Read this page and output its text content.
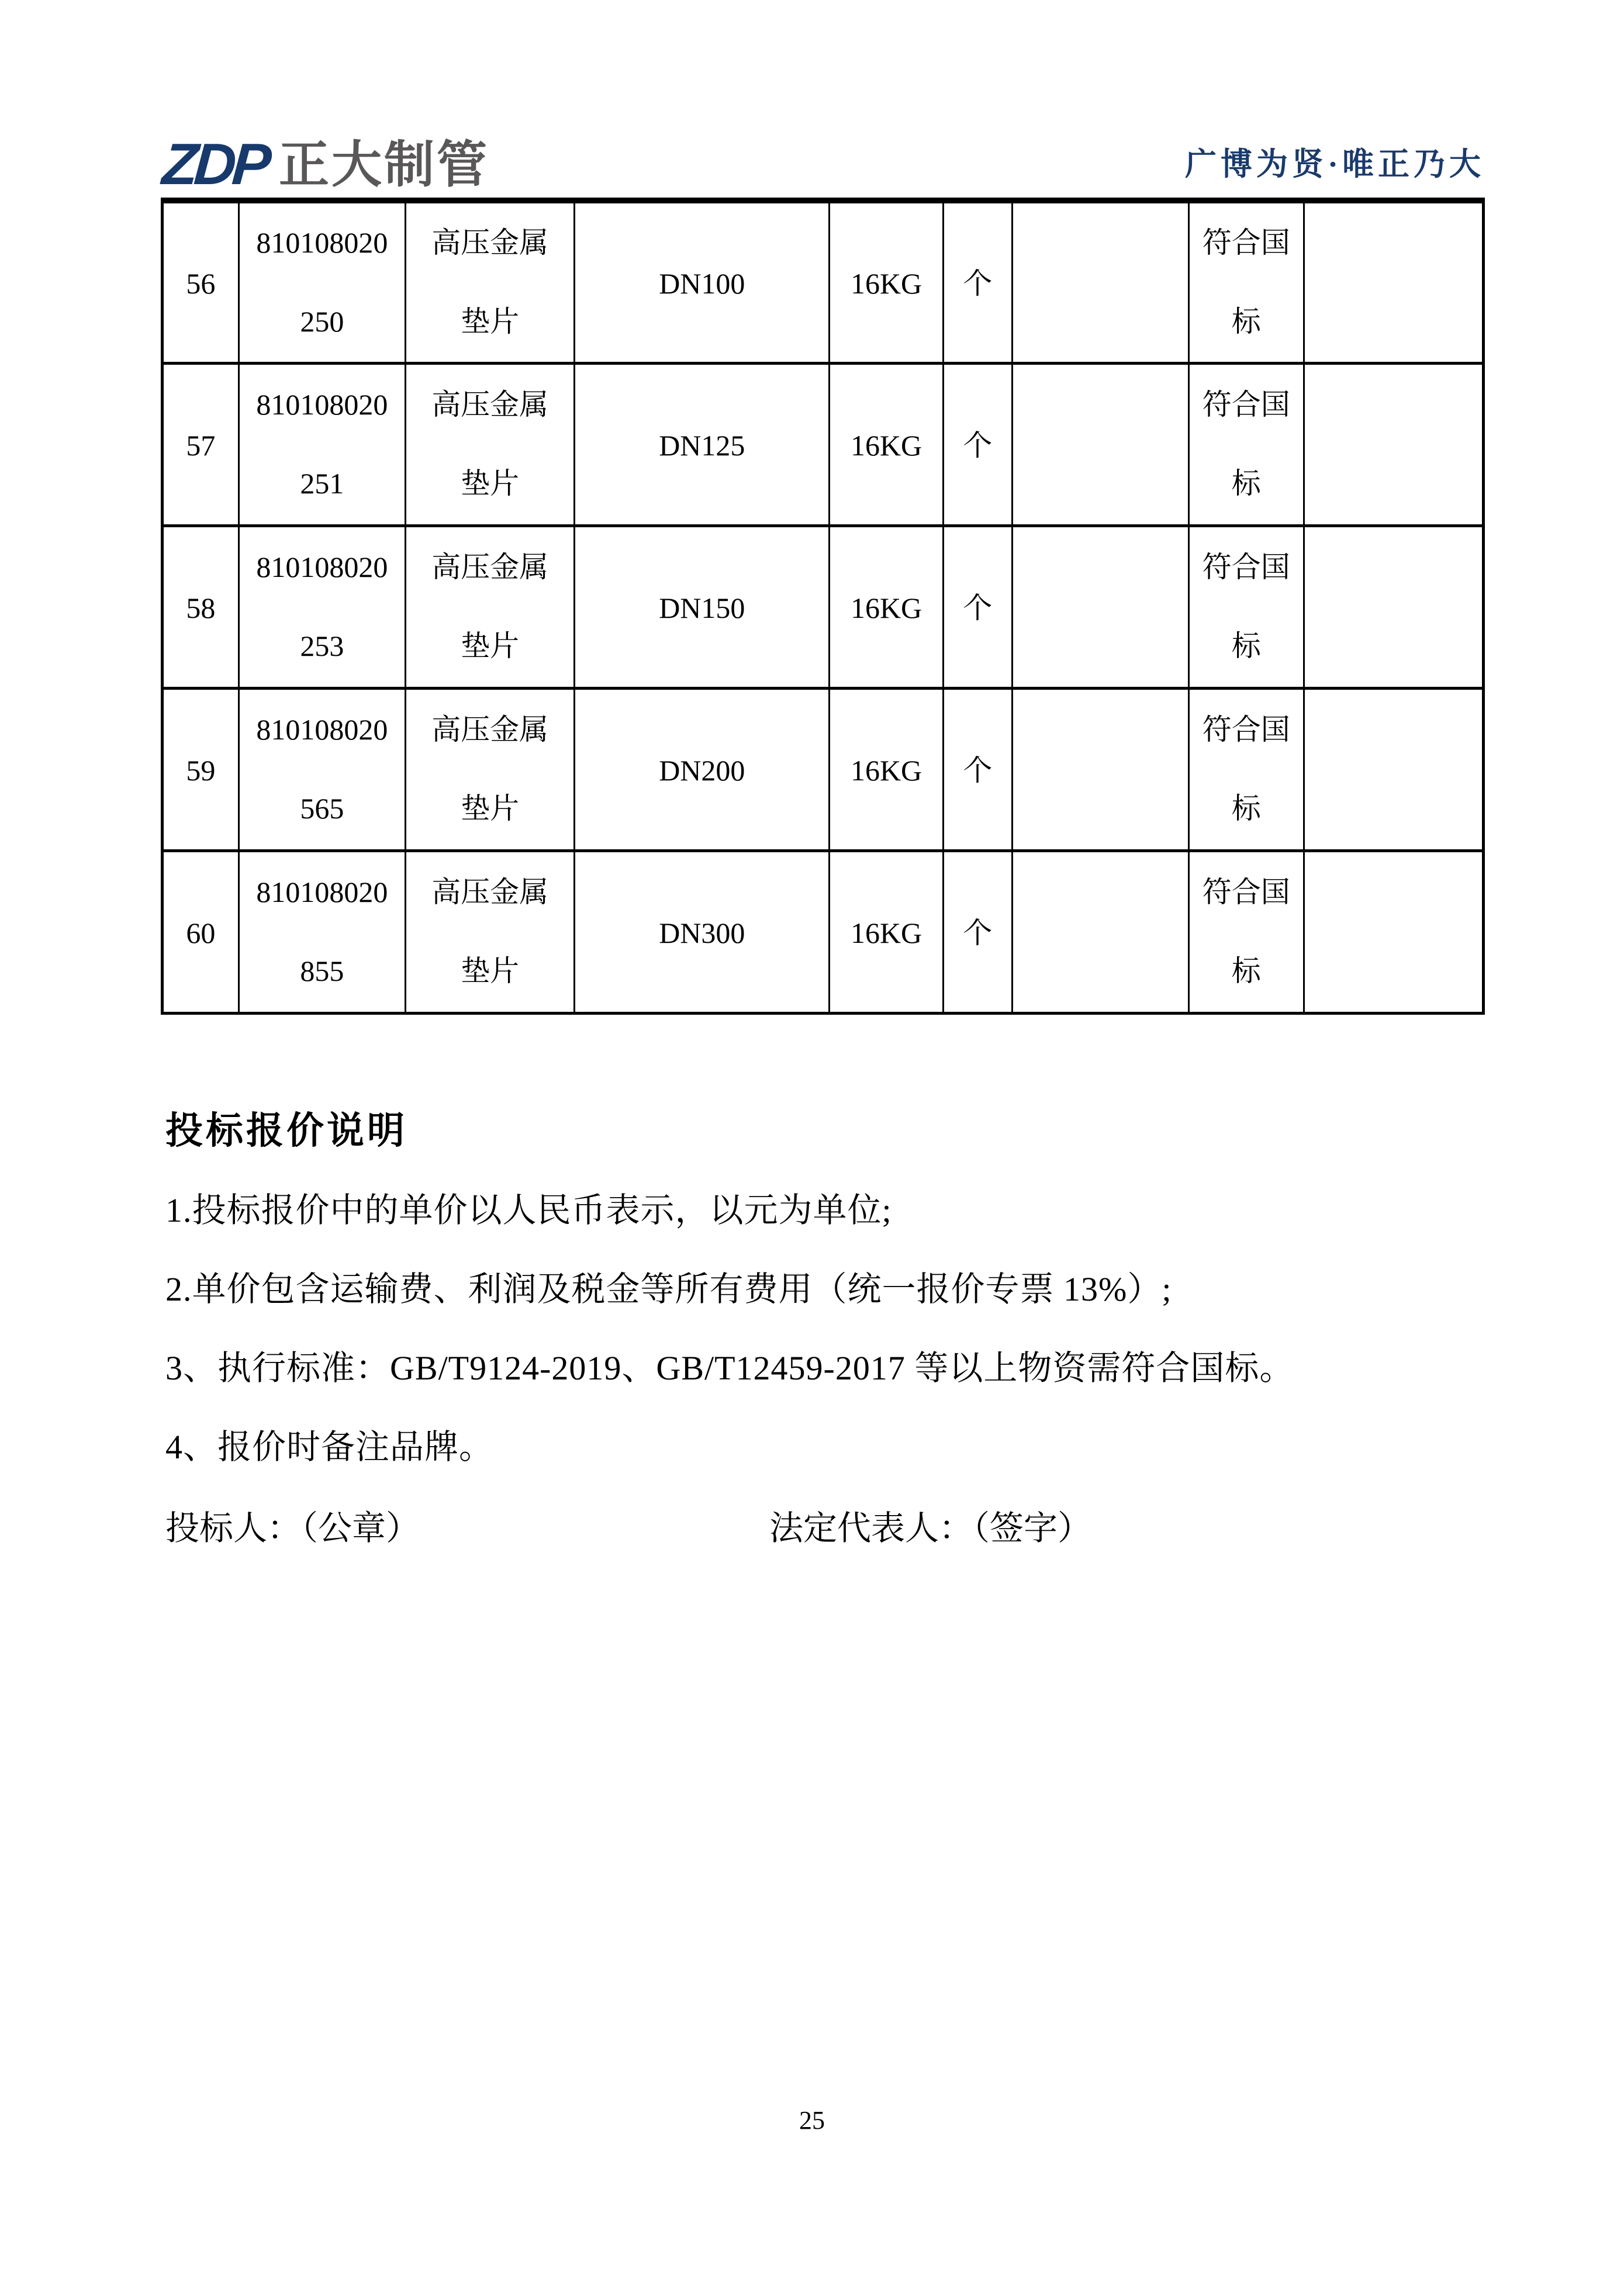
ZDP 正大制管	广博为贤·唯正乃大
56	810108020250	高压金属垫片	DN100	16KG	个		符合国标	
57	810108020251	高压金属垫片	DN125	16KG	个		符合国标	
58	810108020253	高压金属垫片	DN150	16KG	个		符合国标	
59	810108020565	高压金属垫片	DN200	16KG	个		符合国标	
60	810108020855	高压金属垫片	DN300	16KG	个		符合国标	
投标报价说明
1.投标报价中的单价以人民币表示，以元为单位;
2.单价包含运输费、利润及税金等所有费用（统一报价专票 13%）;
3、执行标准：GB/T9124-2019、GB/T12459-2017 等以上物资需符合国标。
4、报价时备注品牌。
投标人：（公章）	法定代表人：（签字）
25
